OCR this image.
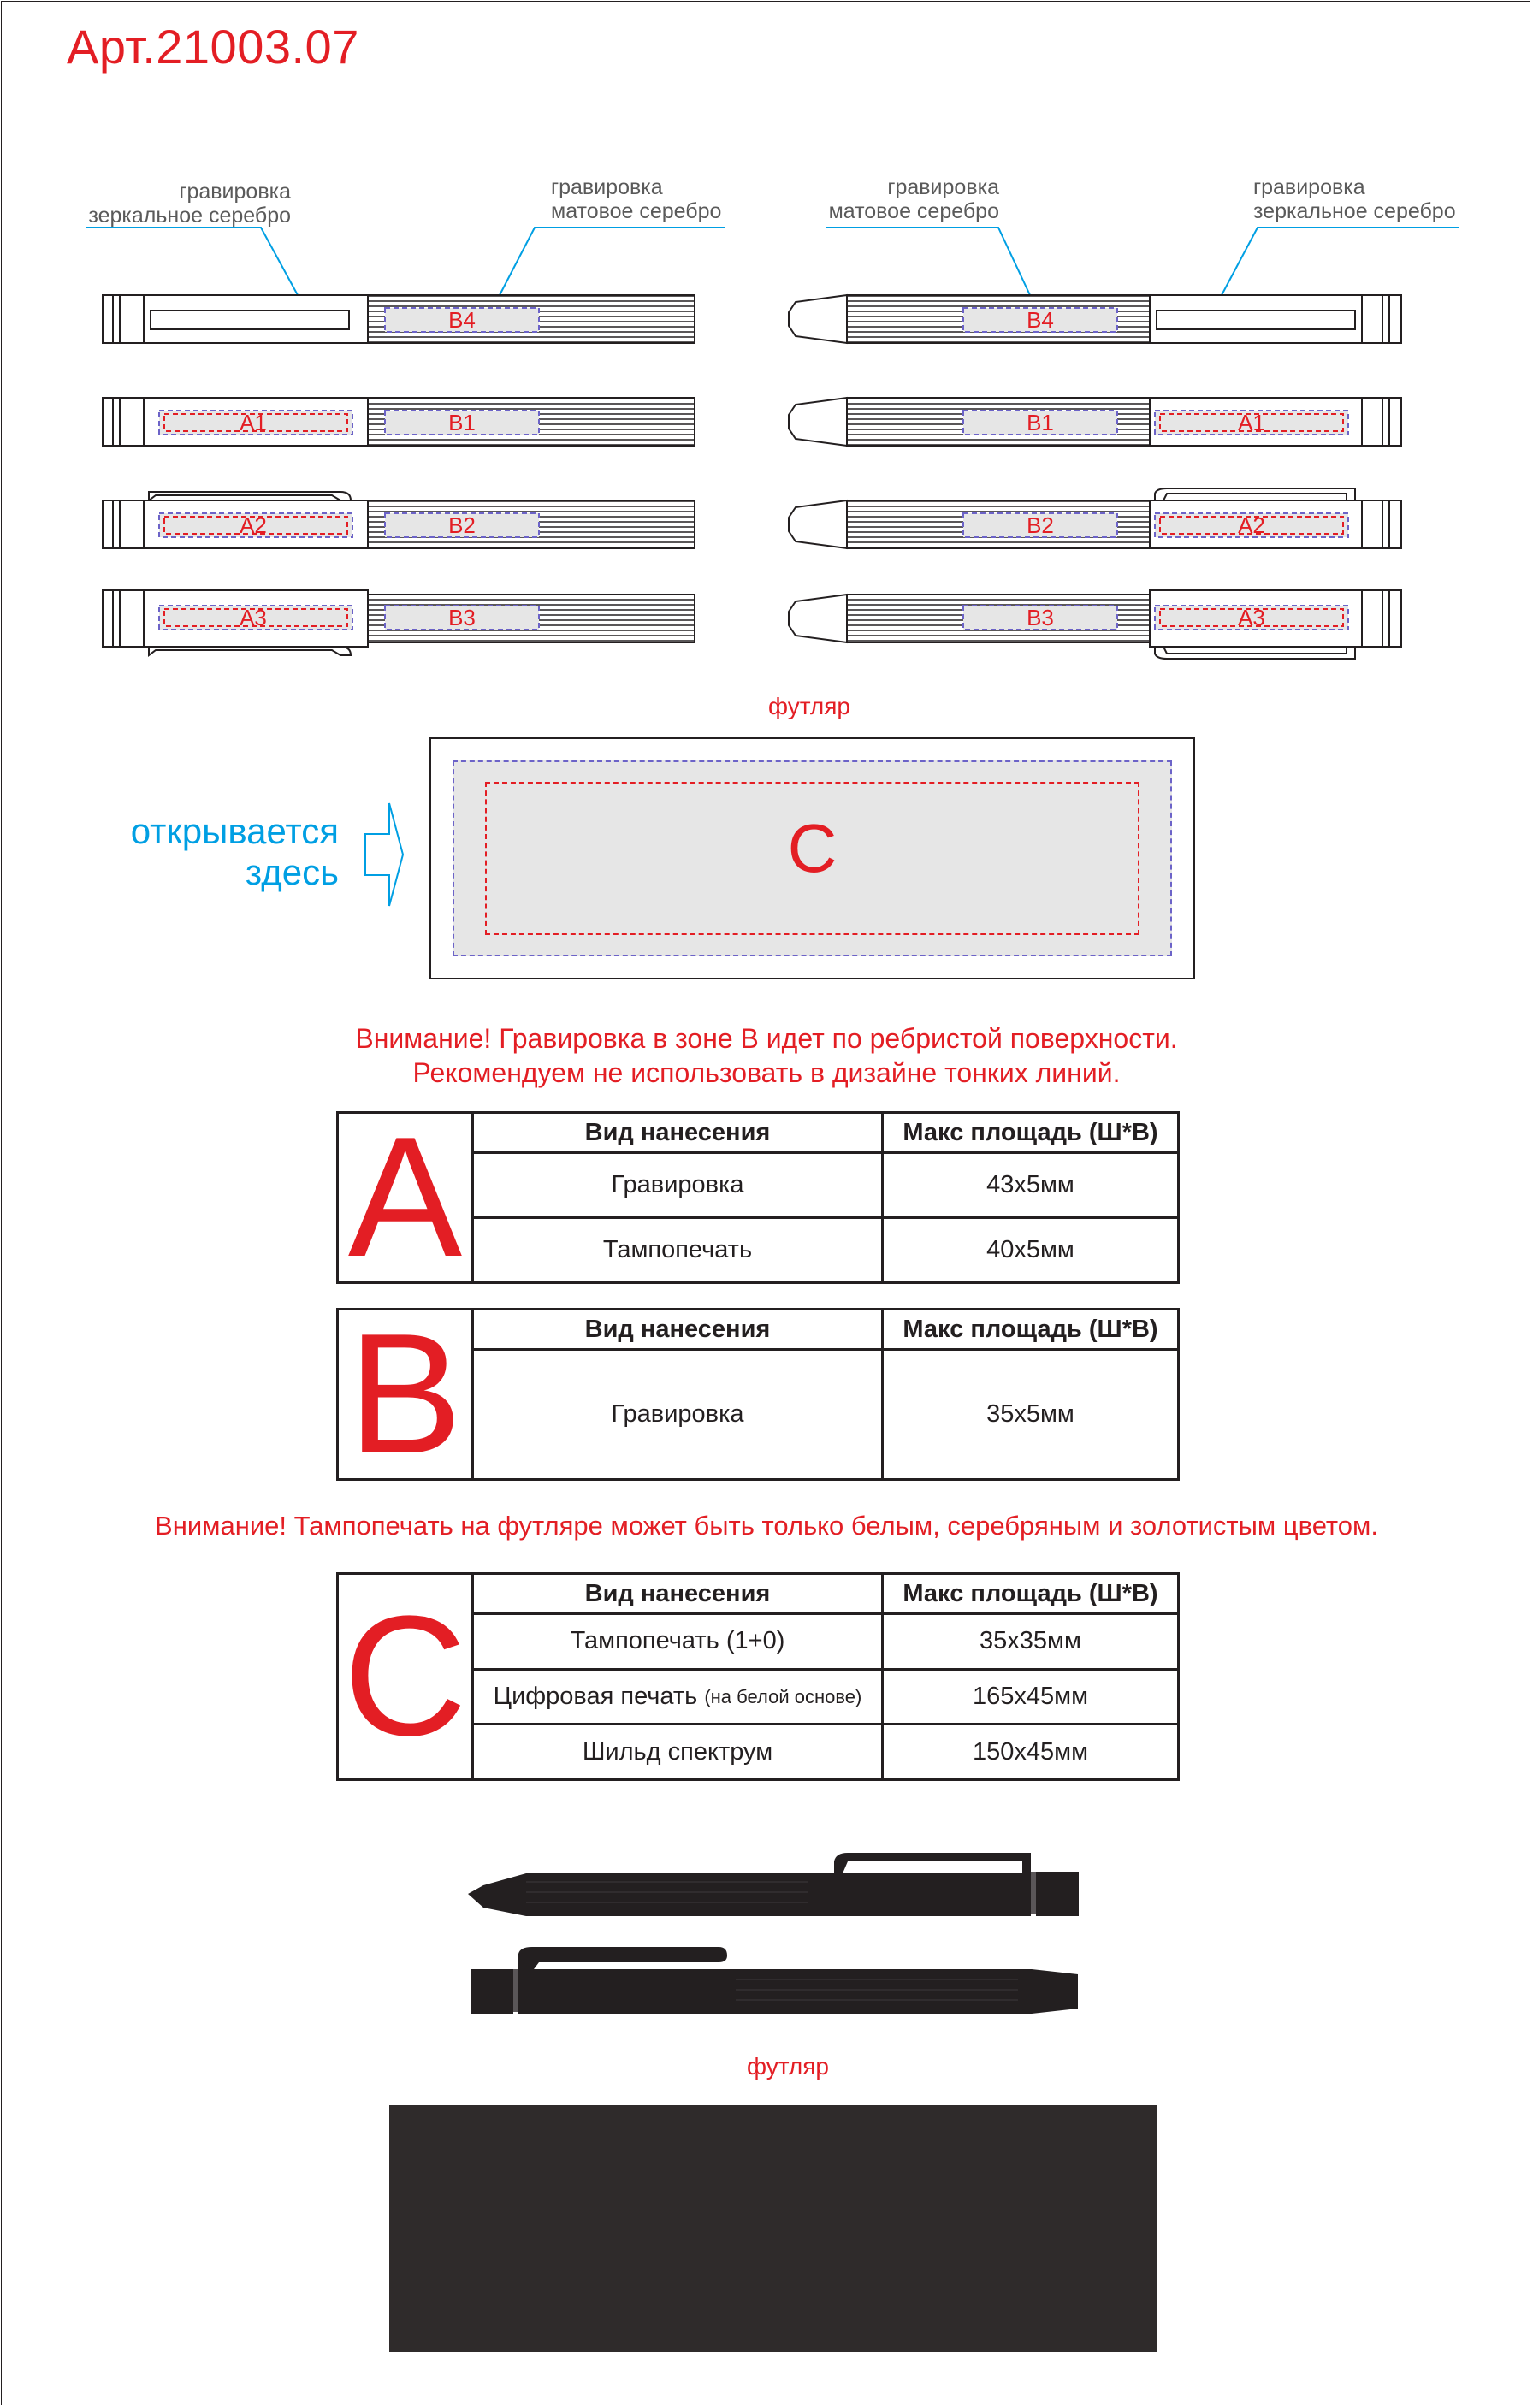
Арт.21003.07
гравировка
зеркальное серебро
гравировка
матовое серебро
гравировка
матовое серебро
гравировка
зеркальное серебро
B4
A1	B1
A2	B2
A3	B3
B4
B1	A1
B2	A2
B3	A3
футляр
открывается
здесь	C
Внимание! Гравировка в зоне B идет по ребристой поверхности.
Рекомендуем не использовать в дизайне тонких линий.
A	Вид нанесения	Макс площадь (Ш*В)
Гравировка	43х5мм
Тампопечать	40х5мм
B	Вид нанесения	Макс площадь (Ш*В)
Гравировка	35х5мм
Внимание! Тампопечать на футляре может быть только белым, серебряным и золотистым цветом.
C	Вид нанесения	Макс площадь (Ш*В)
Тампопечать (1+0)	35х35мм
Цифровая печать
(на белой основе)	165х45мм
Шильд спектрум	150х45мм
футляр
